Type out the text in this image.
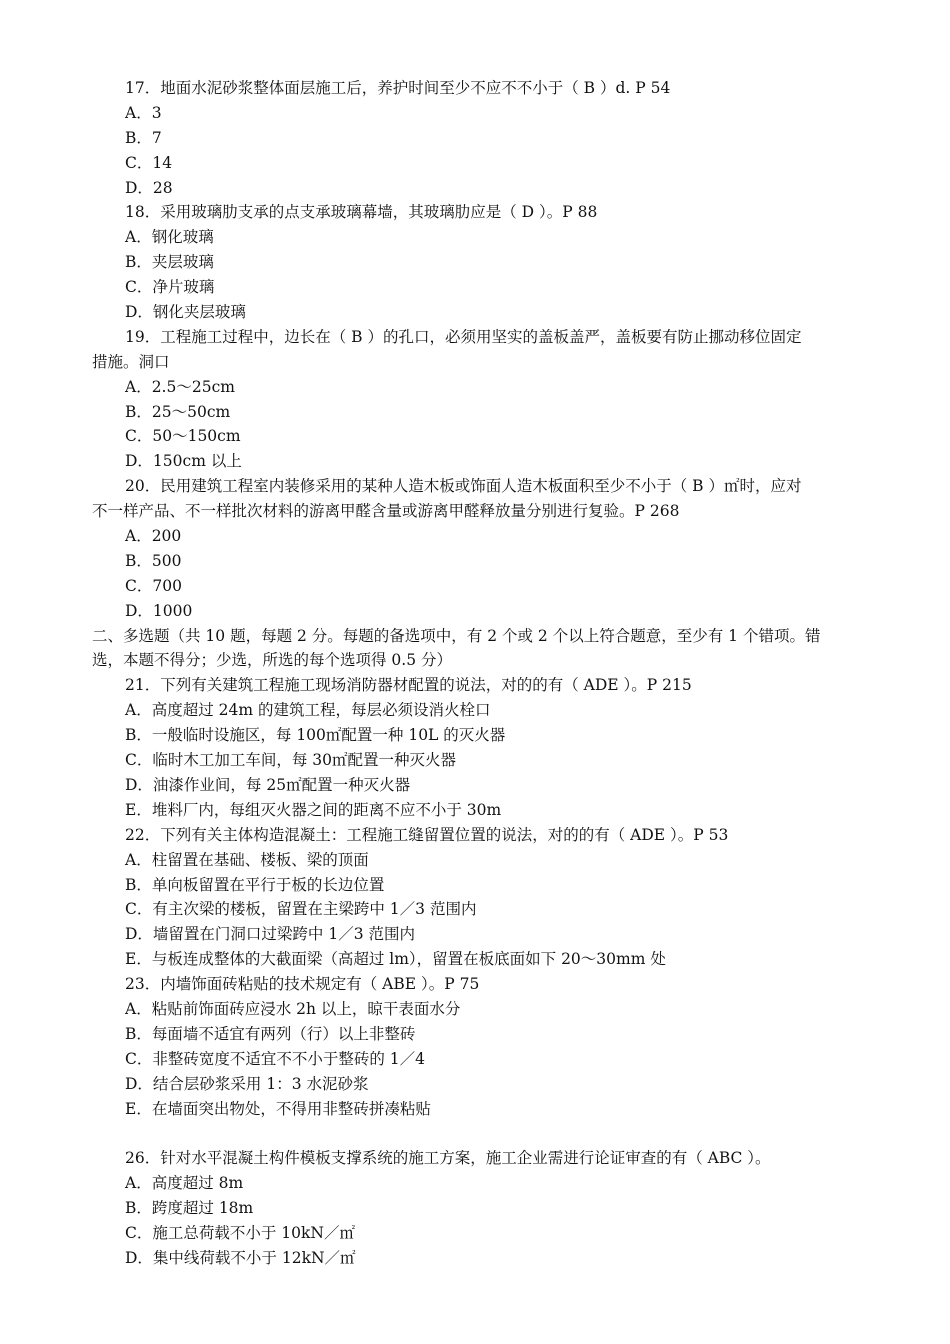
17．地面水泥砂浆整体面层施工后，养护时间至少不应不不小于（ B ）d. P 54
A．3
B．7
C．14
D．28
18．采用玻璃肋支承的点支承玻璃幕墙，其玻璃肋应是（ D ）。P 88
A．钢化玻璃
B．夹层玻璃
C．净片玻璃
D．钢化夹层玻璃
19．工程施工过程中，边长在（ B ）的孔口，必须用坚实的盖板盖严，盖板要有防止挪动移位固定
措施。洞口
A．2.5～25cm
B．25～50cm
C．50～150cm
D．150cm 以上
20．民用建筑工程室内装修采用的某种人造木板或饰面人造木板面积至少不小于（ B ）㎡时，应对
不一样产品、不一样批次材料的游离甲醛含量或游离甲醛释放量分别进行复验。P 268
A．200
B．500
C．700
D．1000
二、多选题（共 10 题，每题 2 分。每题的备选项中，有 2 个或 2 个以上符合题意，至少有 1 个错项。错
选，本题不得分；少选，所选的每个选项得 0.5 分）
21．下列有关建筑工程施工现场消防器材配置的说法，对的的有（ ADE ）。P 215
A．高度超过 24m 的建筑工程，每层必须设消火栓口
B．一般临时设施区，每 100㎡配置一种 10L 的灭火器
C．临时木工加工车间，每 30㎡配置一种灭火器
D．油漆作业间，每 25㎡配置一种灭火器
E．堆料厂内，每组灭火器之间的距离不应不小于 30m
22．下列有关主体构造混凝土：工程施工缝留置位置的说法，对的的有（ ADE ）。P 53
A．柱留置在基础、楼板、梁的顶面
B．单向板留置在平行于板的长边位置
C．有主次梁的楼板，留置在主梁跨中 1／3 范围内
D．墙留置在门洞口过梁跨中 1／3 范围内
E．与板连成整体的大截面梁（高超过 lm），留置在板底面如下 20～30mm 处
23．内墙饰面砖粘贴的技术规定有（ ABE ）。P 75
A．粘贴前饰面砖应浸水 2h 以上，晾干表面水分
B．每面墙不适宜有两列（行）以上非整砖
C．非整砖宽度不适宜不不小于整砖的 1／4
D．结合层砂浆采用 1：3 水泥砂浆
E．在墙面突出物处，不得用非整砖拼凑粘贴
26．针对水平混凝土构件模板支撑系统的施工方案，施工企业需进行论证审查的有（ ABC ）。
A．高度超过 8m
B．跨度超过 18m
C．施工总荷载不小于 10kN／㎡
D．集中线荷载不小于 12kN／㎡
